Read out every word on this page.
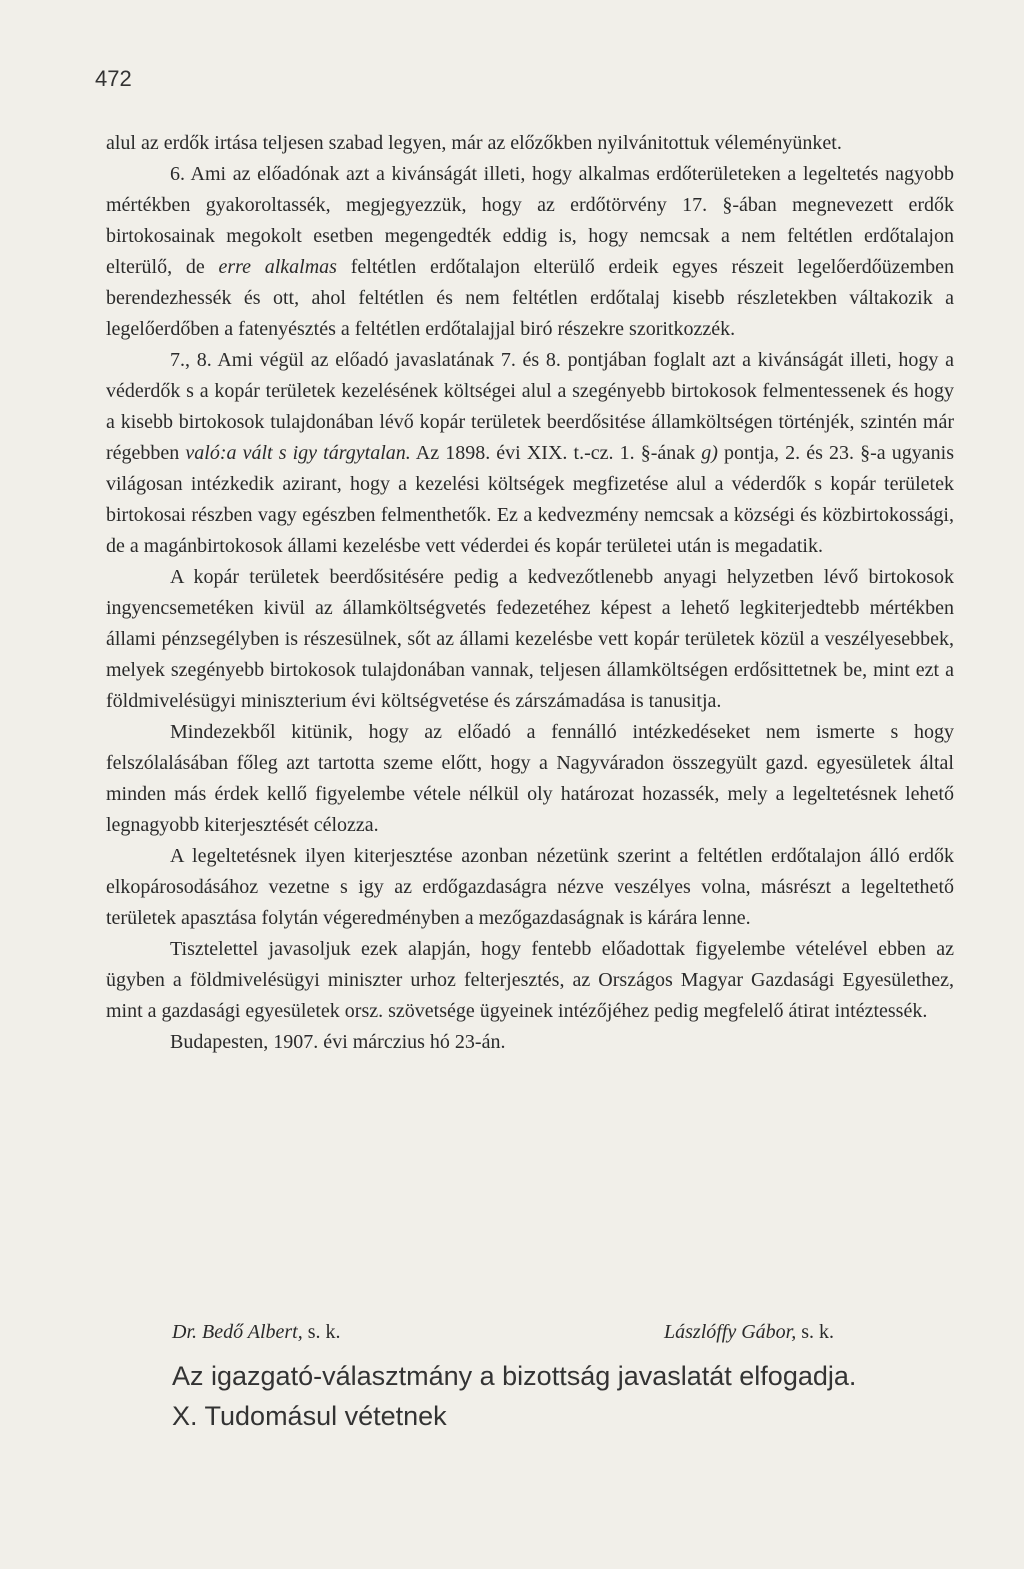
472

alul az erdők irtása teljesen szabad legyen, már az előzőkben nyilvánitottuk véleményünket.

6. Ami az előadónak azt a kivánságát illeti, hogy alkalmas erdőterületeken a legeltetés nagyobb mértékben gyakoroltassék, megjegyezzük, hogy az erdőtörvény 17. §-ában megnevezett erdők birtokosainak megokolt esetben megengedték eddig is, hogy nemcsak a nem feltétlen erdőtalajon elterülő, de erre alkalmas feltétlen erdőtalajon elterülő erdeik egyes részeit legelőerdőüzemben berendezhessék és ott, ahol feltétlen és nem feltétlen erdőtalaj kisebb részletekben váltakozik a legelőerdőben a fatenyésztés a feltétlen erdőtalajjal biró részekre szoritkozzék.

7., 8. Ami végül az előadó javaslatának 7. és 8. pontjában foglalt azt a kivánságát illeti, hogy a véderdők s a kopár területek kezelésének költségei alul a szegényebb birtokosok felmentessenek és hogy a kisebb birtokosok tulajdonában lévő kopár területek beerdősitése államköltségen történjék, szintén már régebben való:a vált s igy tárgytalan. Az 1898. évi XIX. t.-cz. 1. §-ának g) pontja, 2. és 23. §-a ugyanis világosan intézkedik azirant, hogy a kezelési költségek megfizetése alul a véderdők s kopár területek birtokosai részben vagy egészben felmenthetők. Ez a kedvezmény nemcsak a községi és közbirtokossági, de a magánbirtokosok állami kezelésbe vett véderdei és kopár területei után is megadatik.

A kopár területek beerdősitésére pedig a kedvezőtlenebb anyagi helyzetben lévő birtokosok ingyencsemetéken kivül az államköltségvetés fedezetéhez képest a lehető legkiterjedtebb mértékben állami pénzsegélyben is részesülnek, sőt az állami kezelésbe vett kopár területek közül a veszélyesebbek, melyek szegényebb birtokosok tulajdonában vannak, teljesen államköltségen erdősittetnek be, mint ezt a földmivelésügyi miniszterium évi költségvetése és zárszámadása is tanusitja.

Mindezekből kitünik, hogy az előadó a fennálló intézkedéseket nem ismerte s hogy felszólalásában főleg azt tartotta szeme előtt, hogy a Nagyváradon összegyült gazd. egyesületek által minden más érdek kellő figyelembe vétele nélkül oly határozat hozassék, mely a legeltetésnek lehető legnagyobb kiterjesztését célozza.

A legeltetésnek ilyen kiterjesztése azonban nézetünk szerint a feltétlen erdőtalajon álló erdők elkopárosodásához vezetne s igy az erdőgazdaságra nézve veszélyes volna, másrészt a legeltethető területek apasztása folytán végeredményben a mezőgazdaságnak is kárára lenne.

Tisztelettel javasoljuk ezek alapján, hogy fentebb előadottak figyelembe vételével ebben az ügyben a földmivelésügyi miniszter urhoz felterjesztés, az Országos Magyar Gazdasági Egyesülethez, mint a gazdasági egyesületek orsz. szövetsége ügyeinek intézőjéhez pedig megfelelő átirat intéztessék.

Budapesten, 1907. évi márczius hó 23-án.

Dr. Bedő Albert, s. k.	Lászlóffy Gábor, s. k.

Az igazgató-választmány a bizottság javaslatát elfogadja.

X. Tudomásul vétetnek
